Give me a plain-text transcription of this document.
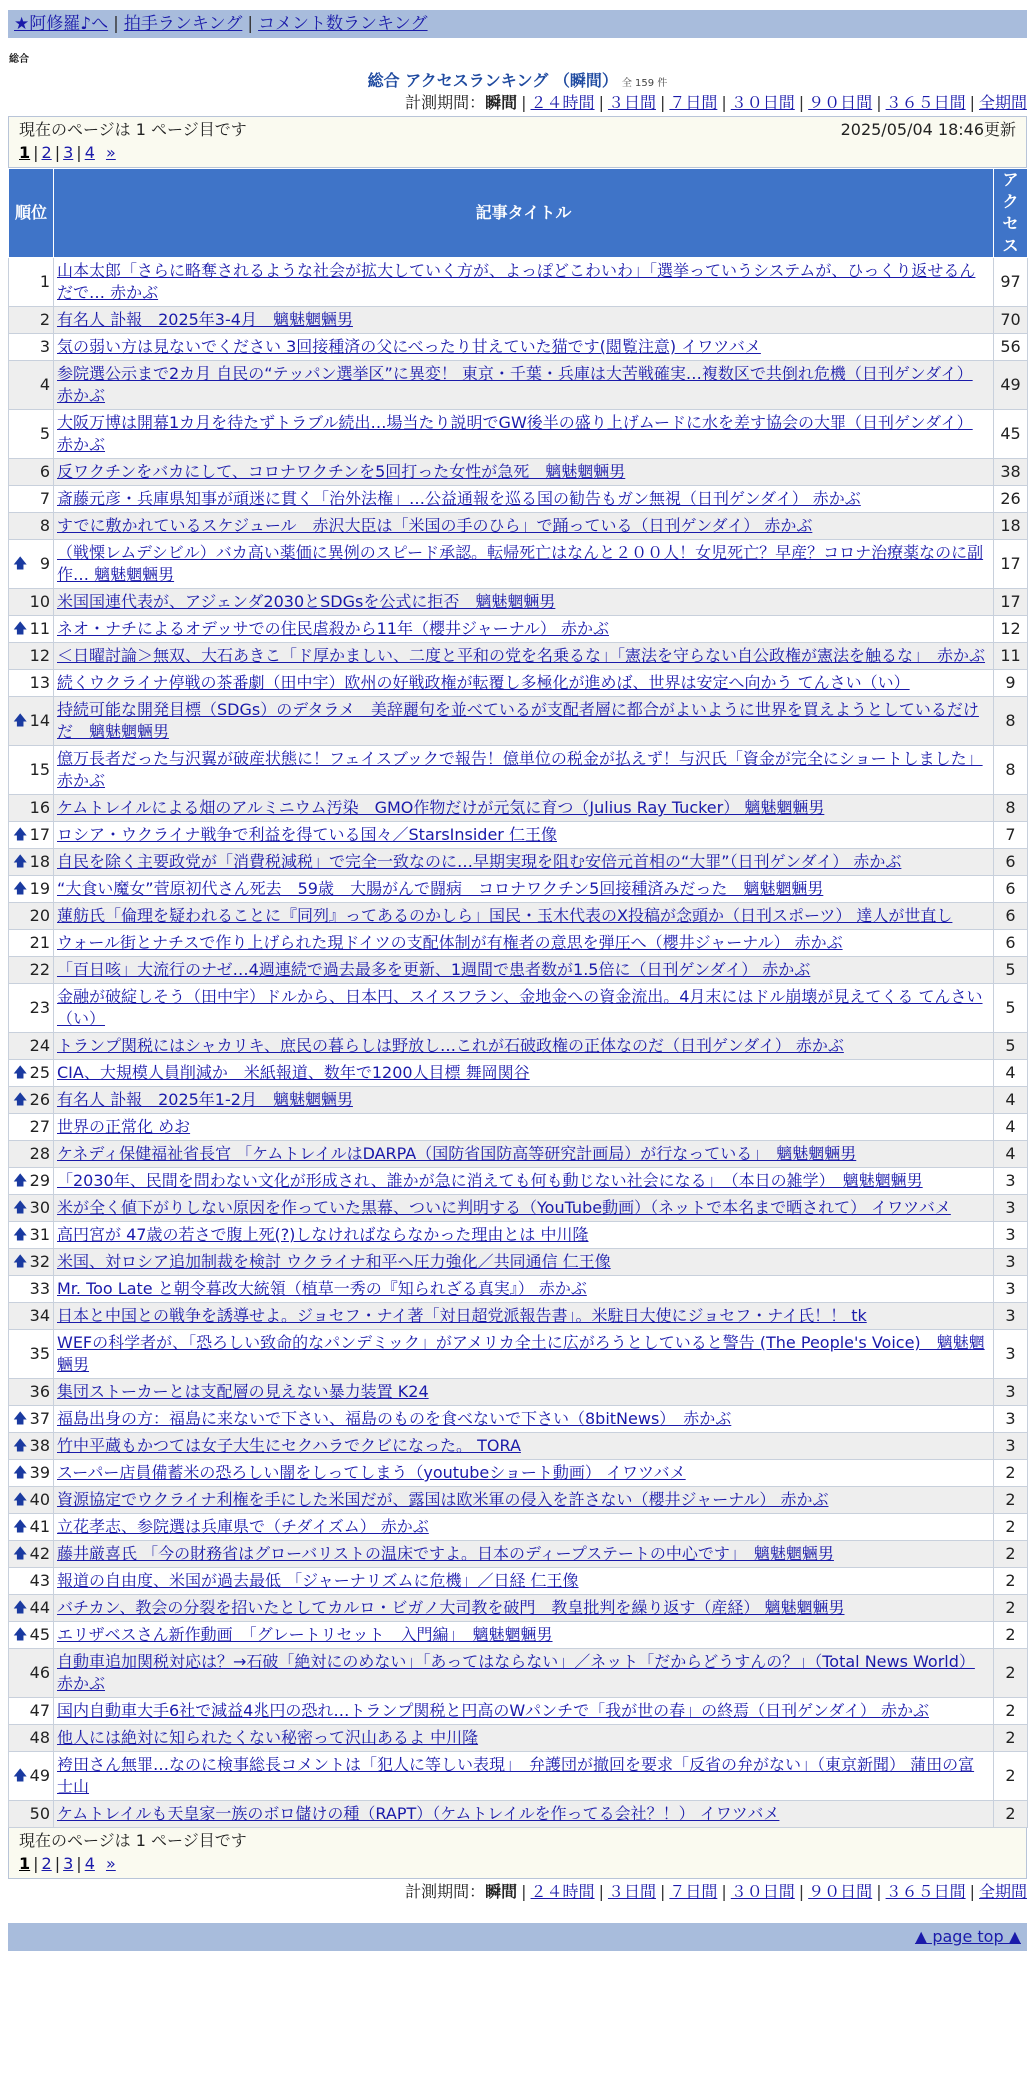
★阿修羅♪へ | 拍手ランキング | コメント数ランキング
総合
総合 アクセスランキング （瞬間） 全 159 件
計測期間：瞬間 | ２４時間 | ３日間 | ７日間 | ３０日間 | ９０日間 | ３６５日間 | 全期間
現在のページは 1 ページ目です	2025/05/04 18:46更新
1 | 2 | 3 | 4 »
順位	記事タイトル	アクセス
1	山本太郎「さらに略奪されるような社会が拡大していく方が、よっぽどこわいわ」「選挙っていうシステムが、ひっくり返せるんだで… 赤かぶ	97
2	有名人 訃報　2025年3-4月　魑魅魍魎男	70
3	気の弱い方は見ないでください 3回接種済の父にべったり甘えていた猫です(閲覧注意) イワツバメ	56
4	参院選公示まで2カ月 自民の“テッパン選挙区”に異変！ 東京・千葉・兵庫は大苦戦確実…複数区で共倒れ危機（日刊ゲンダイ） 赤かぶ	49
5	大阪万博は開幕1カ月を待たずトラブル続出…場当たり説明でGW後半の盛り上げムードに水を差す協会の大罪（日刊ゲンダイ） 赤かぶ	45
6	反ワクチンをバカにして、コロナワクチンを5回打った女性が急死　魑魅魍魎男	38
7	斎藤元彦・兵庫県知事が頑迷に貫く「治外法権」…公益通報を巡る国の勧告もガン無視（日刊ゲンダイ） 赤かぶ	26
8	すでに敷かれているスケジュール　赤沢大臣は「米国の手のひら」で踊っている（日刊ゲンダイ） 赤かぶ	18

🡅 9	（戦慄レムデシビル）バカ高い薬価に異例のスピード承認。転帰死亡はなんと２００人！女児死亡？早産？コロナ治療薬なのに副作… 魑魅魍魎男	17
10	米国国連代表が、アジェンダ2030とSDGsを公式に拒否　魑魅魍魎男	17

🡅 11	ネオ・ナチによるオデッサでの住民虐殺から11年（櫻井ジャーナル） 赤かぶ	12
12	＜日曜討論＞無双、大石あきこ「ド厚かましい、二度と平和の党を名乗るな」「憲法を守らない自公政権が憲法を触るな」　赤かぶ	11
13	続くウクライナ停戦の茶番劇（田中宇）欧州の好戦政権が転覆し多極化が進めば、世界は安定へ向かう てんさい（い）	9

🡅 14	持続可能な開発目標（SDGs）のデタラメ　美辞麗句を並べているが支配者層に都合がよいように世界を買えようとしているだけだ　魑魅魍魎男	8
15	億万長者だった与沢翼が破産状態に！フェイスブックで報告！億単位の税金が払えず！与沢氏「資金が完全にショートしました」 赤かぶ	8
16	ケムトレイルによる畑のアルミニウム汚染　GMO作物だけが元気に育つ（Julius Ray Tucker） 魑魅魍魎男	8

🡅 17	ロシア・ウクライナ戦争で利益を得ている国々／StarsInsider 仁王像	7

🡅 18	自民を除く主要政党が「消費税減税」で完全一致なのに…早期実現を阻む安倍元首相の“大罪”（日刊ゲンダイ） 赤かぶ	6

🡅 19	“大食い魔女”菅原初代さん死去　59歳　大腸がんで闘病　コロナワクチン5回接種済みだった　魑魅魍魎男	6
20	蓮舫氏「倫理を疑われることに『同列』ってあるのかしら」国民・玉木代表のX投稿が念頭か（日刊スポーツ） 達人が世直し	6
21	ウォール街とナチスで作り上げられた現ドイツの支配体制が有権者の意思を弾圧へ（櫻井ジャーナル） 赤かぶ	6
22	「百日咳」大流行のナゼ…4週連続で過去最多を更新、1週間で患者数が1.5倍に（日刊ゲンダイ） 赤かぶ	5
23	金融が破綻しそう（田中宇）ドルから、日本円、スイスフラン、金地金への資金流出。4月末にはドル崩壊が見えてくる てんさい（い）	5
24	トランプ関税にはシャカリキ、庶民の暮らしは野放し…これが石破政権の正体なのだ（日刊ゲンダイ） 赤かぶ	5

🡅 25	CIA、大規模人員削減か　米紙報道、数年で1200人目標 舞岡関谷	4

🡅 26	有名人 訃報　2025年1-2月　魑魅魍魎男	4
27	世界の正常化 めお	4
28	ケネディ保健福祉省長官 「ケムトレイルはDARPA（国防省国防高等研究計画局）が行なっている」　魑魅魍魎男	4

🡅 29	「2030年、民間を問わない文化が形成され、誰かが急に消えても何も動じない社会になる」　（本日の雑学）　魑魅魍魎男	3

🡅 30	米が全く値下がりしない原因を作っていた黒幕、ついに判明する（YouTube動画）（ネットで本名まで晒されて） イワツバメ	3

🡅 31	高円宮が 47歳の若さで腹上死(?)しなければならなかった理由とは 中川隆	3

🡅 32	米国、対ロシア追加制裁を検討 ウクライナ和平へ圧力強化／共同通信 仁王像	3
33	Mr. Too Late と朝令暮改大統領（植草一秀の『知られざる真実』） 赤かぶ	3
34	日本と中国との戦争を誘導せよ。ジョセフ・ナイ著「対日超党派報告書」。米駐日大使にジョセフ・ナイ氏！！ tk	3
35	WEFの科学者が、「恐ろしい致命的なパンデミック」がアメリカ全土に広がろうとしていると警告 (The People's Voice)　魑魅魍魎男	3
36	集団ストーカーとは支配層の見えない暴力装置 K24	3

🡅 37	福島出身の方：福島に来ないで下さい、福島のものを食べないで下さい（8bitNews）　赤かぶ	3

🡅 38	竹中平蔵もかつては女子大生にセクハラでクビになった。 TORA	3

🡅 39	スーパー店員備蓄米の恐ろしい闇をしってしまう（youtubeショート動画） イワツバメ	2

🡅 40	資源協定でウクライナ利権を手にした米国だが、露国は欧米軍の侵入を許さない（櫻井ジャーナル） 赤かぶ	2

🡅 41	立花孝志、参院選は兵庫県で（チダイズム） 赤かぶ	2

🡅 42	藤井厳喜氏 「今の財務省はグローバリストの温床ですよ。日本のディープステートの中心です」　魑魅魍魎男	2
43	報道の自由度、米国が過去最低 「ジャーナリズムに危機」／日経 仁王像	2

🡅 44	バチカン、教会の分裂を招いたとしてカルロ・ビガノ大司教を破門　教皇批判を繰り返す（産経） 魑魅魍魎男	2

🡅 45	エリザベスさん新作動画　「グレートリセット　入門編」　魑魅魍魎男	2
46	自動車追加関税対応は？→石破「絶対にのめない」「あってはならない」／ネット「だからどうすんの？」（Total News World） 赤かぶ	2
47	国内自動車大手6社で減益4兆円の恐れ…トランプ関税と円高のWパンチで「我が世の春」の終焉（日刊ゲンダイ） 赤かぶ	2
48	他人には絶対に知られたくない秘密って沢山あるよ 中川隆	2

🡅 49	袴田さん無罪…なのに検事総長コメントは「犯人に等しい表現」　弁護団が撤回を要求「反省の弁がない」（東京新聞） 蒲田の富士山	2
50	ケムトレイルも天皇家一族のボロ儲けの種（RAPT）（ケムトレイルを作ってる会社？！） イワツバメ	2
現在のページは 1 ページ目です
1 | 2 | 3 | 4 »
計測期間：瞬間 | ２４時間 | ３日間 | ７日間 | ３０日間 | ９０日間 | ３６５日間 | 全期間
▲ page top ▲
